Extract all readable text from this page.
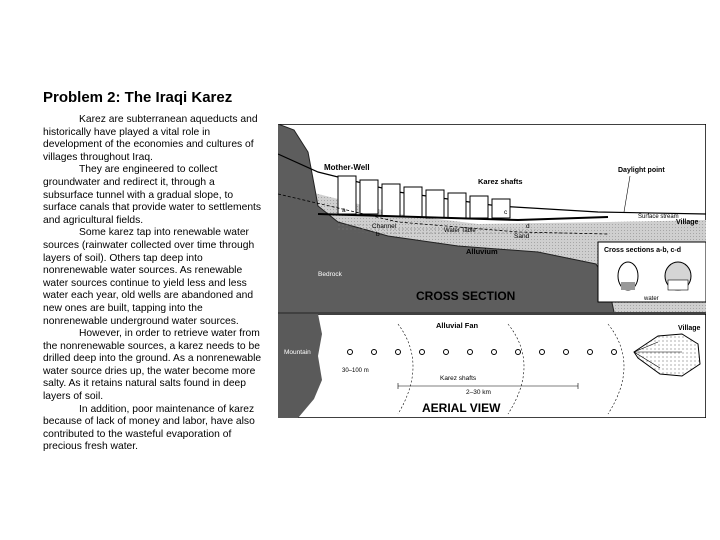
Problem 2: The Iraqi Karez

Karez are subterranean aqueducts and historically have played a vital role in development of the economies and cultures of villages throughout Iraq.

They are engineered to collect groundwater and redirect it, through a subsurface tunnel with a gradual slope, to surface canals that provide water to settlements and agricultural fields.

Some karez tap into renewable water sources (rainwater collected over time through layers of soil). Others tap deep into nonrenewable water sources. As renewable water sources continue to yield less and less water each year, old wells are abandoned and new ones are built, tapping into the nonrenewable underground water sources.

However, in order to retrieve water from the nonrenewable sources, a karez needs to be drilled deep into the ground. As a nonrenewable water source dries up, the water become more salty. As it retains natural salts found in deep layers of soil.

In addition, poor maintenance of karez because of lack of money and labor, have also contributed to the wasteful evaporation of precious fresh water.

Mother-Well
Karez shafts
Daylight point
Surface stream
Village
Channel
Water Table
Sand
Alluvium
Bedrock
a
b
c
d
Cross sections a-b, c-d
water
CROSS SECTION
Mountain
Alluvial Fan	Village
30–100 m
Karez shafts
2–30 km
AERIAL VIEW
